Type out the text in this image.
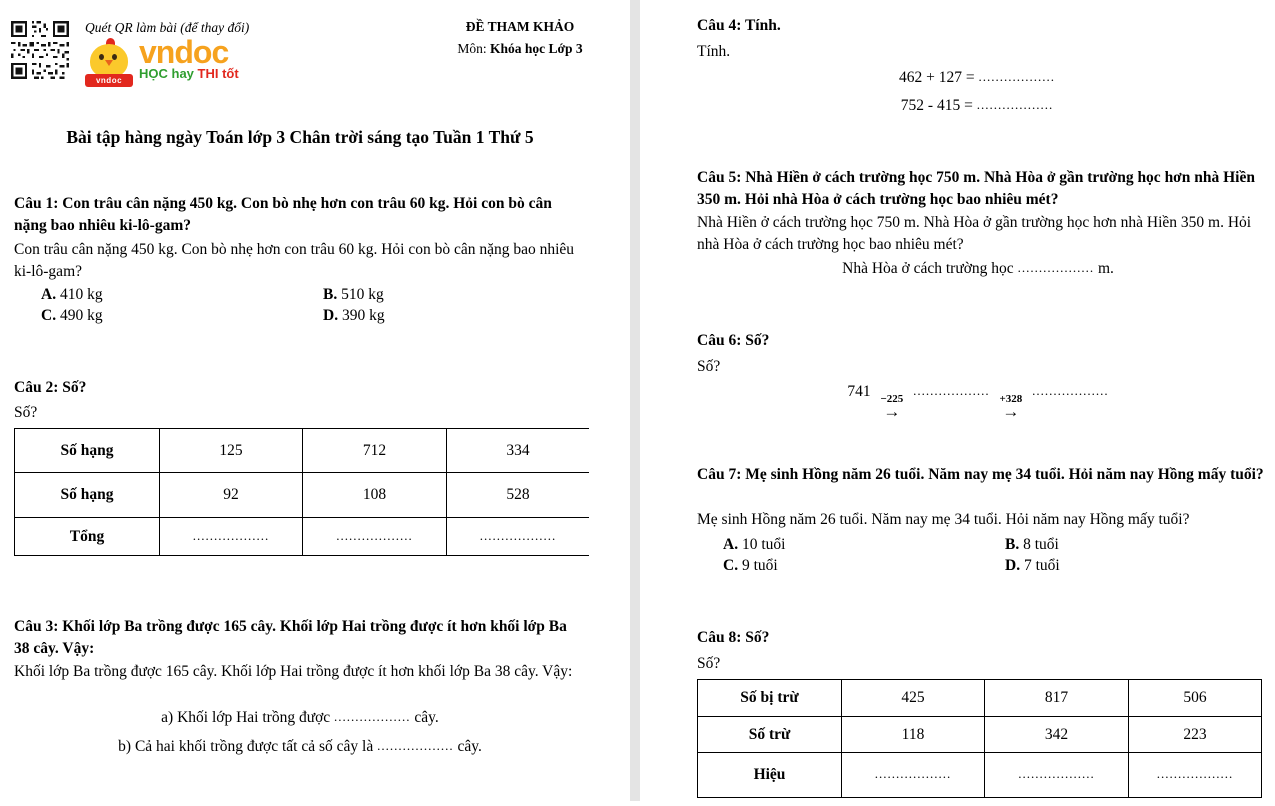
Quét QR làm bài (để thay đổi)
vndoc
vndoc
HỌC hay THI tốt
ĐỀ THAM KHẢO
Môn: Khóa học Lớp 3
Bài tập hàng ngày Toán lớp 3 Chân trời sáng tạo Tuần 1 Thứ 5
Câu 1: Con trâu cân nặng 450 kg. Con bò nhẹ hơn con trâu 60 kg. Hỏi con bò cân nặng bao nhiêu ki-lô-gam?
Con trâu cân nặng 450 kg. Con bò nhẹ hơn con trâu 60 kg. Hỏi con bò cân nặng bao nhiêu ki-lô-gam?
A. 410 kg	B. 510 kg
C. 490 kg	D. 390 kg
Câu 2: Số?
Số?
Số hạng	125	712	334
Số hạng	92	108	528
Tổng	..................	..................	..................
Câu 3: Khối lớp Ba trồng được 165 cây. Khối lớp Hai trồng được ít hơn khối lớp Ba 38 cây. Vậy:
Khối lớp Ba trồng được 165 cây. Khối lớp Hai trồng được ít hơn khối lớp Ba 38 cây. Vậy:
a) Khối lớp Hai trồng được .................. cây.
b) Cả hai khối trồng được tất cả số cây là .................. cây.
Câu 4: Tính.
Tính.
462 + 127 = ..................
752 - 415 = ..................
Câu 5: Nhà Hiền ở cách trường học 750 m. Nhà Hòa ở gần trường học hơn nhà Hiền 350 m. Hỏi nhà Hòa ở cách trường học bao nhiêu mét?
Nhà Hiền ở cách trường học 750 m. Nhà Hòa ở gần trường học hơn nhà Hiền 350 m. Hỏi nhà Hòa ở cách trường học bao nhiêu mét?
Nhà Hòa ở cách trường học .................. m.
Câu 6: Số?
Số?
741 −225
→
..................
+328
→
..................
Câu 7: Mẹ sinh Hồng năm 26 tuổi. Năm nay mẹ 34 tuổi. Hỏi năm nay Hồng mấy tuổi?
Mẹ sinh Hồng năm 26 tuổi. Năm nay mẹ 34 tuổi. Hỏi năm nay Hồng mấy tuổi?
A. 10 tuổi	B. 8 tuổi
C. 9 tuổi	D. 7 tuổi
Câu 8: Số?
Số?
Số bị trừ	425	817	506
Số trừ	118	342	223
Hiệu	..................	..................	..................
